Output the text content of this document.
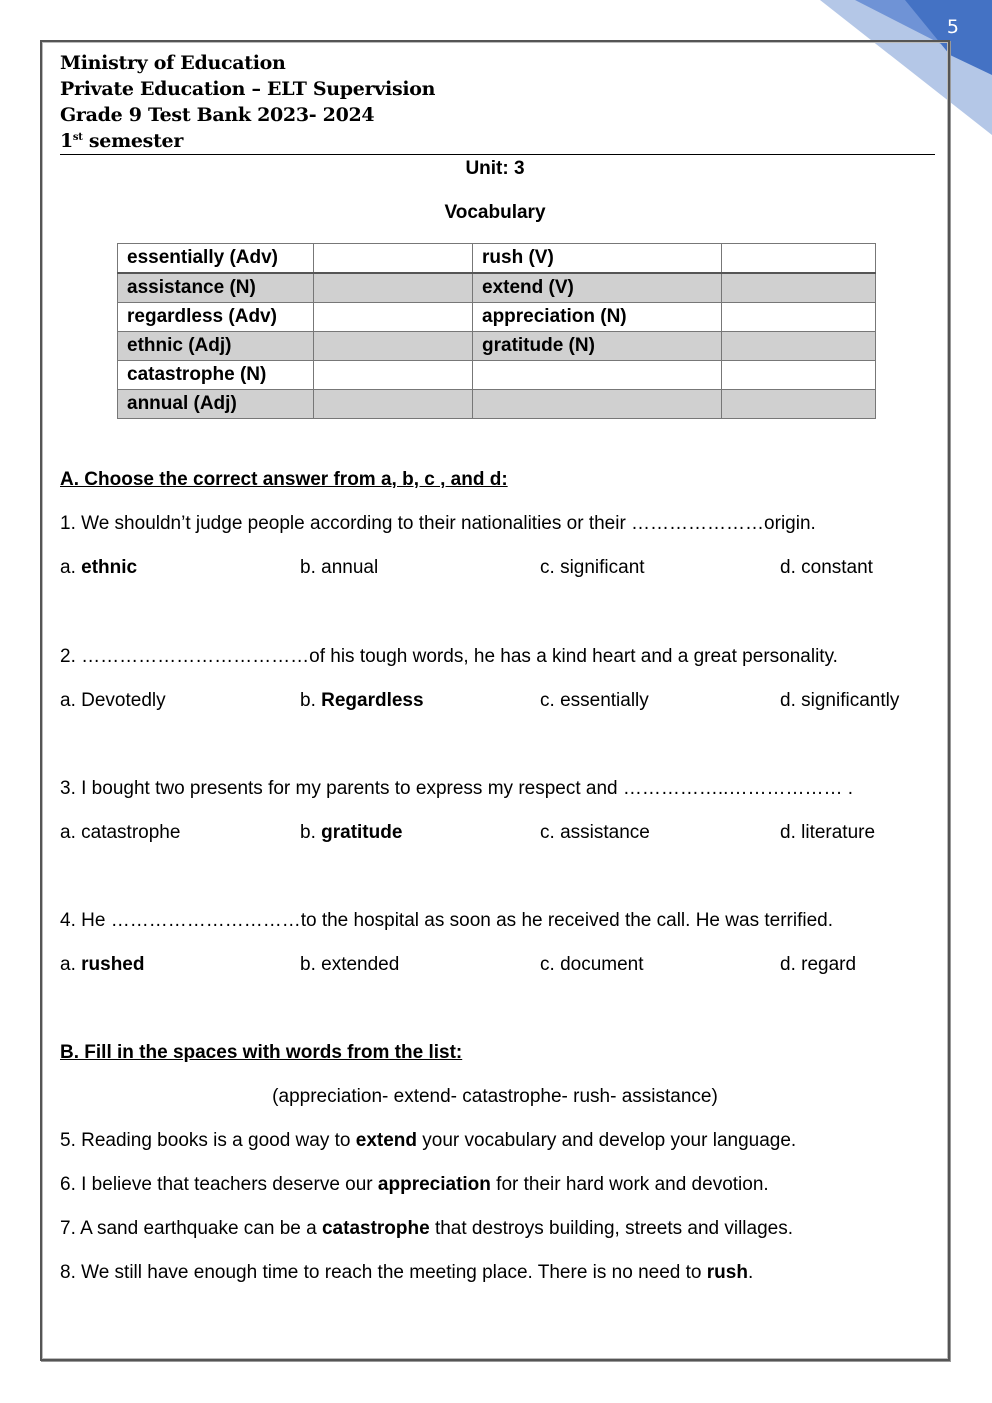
5
Ministry of Education
Private Education – ELT Supervision
Grade 9 Test Bank 2023- 2024
1st semester
Unit: 3
Vocabulary
essentially (Adv)		rush (V)	
assistance (N)		extend (V)	
regardless (Adv)		appreciation (N)	
ethnic (Adj)		gratitude (N)	
catastrophe (N)			
annual (Adj)			
A. Choose the correct answer from a, b, c , and d:
1. We shouldn’t judge people according to their nationalities or their …………………origin.
a. ethnic	b. annual	c. significant	d. constant
2. ………………………………of his tough words, he has a kind heart and a great personality.
a. Devotedly	b. Regardless	c. essentially	d. significantly
3. I bought two presents for my parents to express my respect and ……………..……………… .
a. catastrophe	b. gratitude	c. assistance	d. literature
4. He …………………………to the hospital as soon as he received the call. He was terrified.
a. rushed	b. extended	c. document	d. regard
B. Fill in the spaces with words from the list:
(appreciation- extend- catastrophe- rush- assistance)
5. Reading books is a good way to extend your vocabulary and develop your language.
6. I believe that teachers deserve our appreciation for their hard work and devotion.
7. A sand earthquake can be a catastrophe that destroys building, streets and villages.
8. We still have enough time to reach the meeting place. There is no need to rush.
